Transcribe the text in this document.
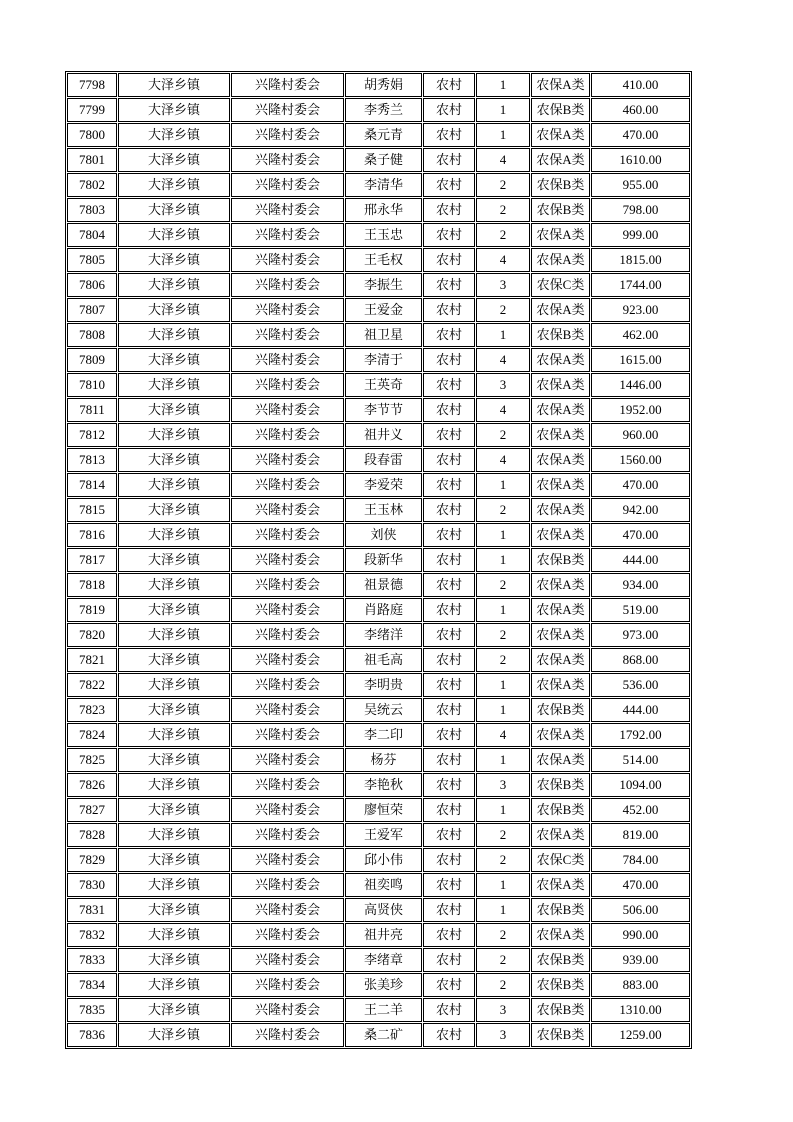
7798	大泽乡镇	兴隆村委会	胡秀娟	农村	1	农保A类	410.00
7799	大泽乡镇	兴隆村委会	李秀兰	农村	1	农保B类	460.00
7800	大泽乡镇	兴隆村委会	桑元青	农村	1	农保A类	470.00
7801	大泽乡镇	兴隆村委会	桑子健	农村	4	农保A类	1610.00
7802	大泽乡镇	兴隆村委会	李清华	农村	2	农保B类	955.00
7803	大泽乡镇	兴隆村委会	邢永华	农村	2	农保B类	798.00
7804	大泽乡镇	兴隆村委会	王玉忠	农村	2	农保A类	999.00
7805	大泽乡镇	兴隆村委会	王毛权	农村	4	农保A类	1815.00
7806	大泽乡镇	兴隆村委会	李振生	农村	3	农保C类	1744.00
7807	大泽乡镇	兴隆村委会	王爱金	农村	2	农保A类	923.00
7808	大泽乡镇	兴隆村委会	祖卫星	农村	1	农保B类	462.00
7809	大泽乡镇	兴隆村委会	李清于	农村	4	农保A类	1615.00
7810	大泽乡镇	兴隆村委会	王英奇	农村	3	农保A类	1446.00
7811	大泽乡镇	兴隆村委会	李节节	农村	4	农保A类	1952.00
7812	大泽乡镇	兴隆村委会	祖井义	农村	2	农保A类	960.00
7813	大泽乡镇	兴隆村委会	段春雷	农村	4	农保A类	1560.00
7814	大泽乡镇	兴隆村委会	李爱荣	农村	1	农保A类	470.00
7815	大泽乡镇	兴隆村委会	王玉林	农村	2	农保A类	942.00
7816	大泽乡镇	兴隆村委会	刘侠	农村	1	农保A类	470.00
7817	大泽乡镇	兴隆村委会	段新华	农村	1	农保B类	444.00
7818	大泽乡镇	兴隆村委会	祖景德	农村	2	农保A类	934.00
7819	大泽乡镇	兴隆村委会	肖路庭	农村	1	农保A类	519.00
7820	大泽乡镇	兴隆村委会	李绪洋	农村	2	农保A类	973.00
7821	大泽乡镇	兴隆村委会	祖毛高	农村	2	农保A类	868.00
7822	大泽乡镇	兴隆村委会	李明贵	农村	1	农保A类	536.00
7823	大泽乡镇	兴隆村委会	吴统云	农村	1	农保B类	444.00
7824	大泽乡镇	兴隆村委会	李二印	农村	4	农保A类	1792.00
7825	大泽乡镇	兴隆村委会	杨芬	农村	1	农保A类	514.00
7826	大泽乡镇	兴隆村委会	李艳秋	农村	3	农保B类	1094.00
7827	大泽乡镇	兴隆村委会	廖恒荣	农村	1	农保B类	452.00
7828	大泽乡镇	兴隆村委会	王爱军	农村	2	农保A类	819.00
7829	大泽乡镇	兴隆村委会	邱小伟	农村	2	农保C类	784.00
7830	大泽乡镇	兴隆村委会	祖奕鸣	农村	1	农保A类	470.00
7831	大泽乡镇	兴隆村委会	高贤侠	农村	1	农保B类	506.00
7832	大泽乡镇	兴隆村委会	祖井亮	农村	2	农保A类	990.00
7833	大泽乡镇	兴隆村委会	李绪章	农村	2	农保B类	939.00
7834	大泽乡镇	兴隆村委会	张美珍	农村	2	农保B类	883.00
7835	大泽乡镇	兴隆村委会	王二羊	农村	3	农保B类	1310.00
7836	大泽乡镇	兴隆村委会	桑二矿	农村	3	农保B类	1259.00
